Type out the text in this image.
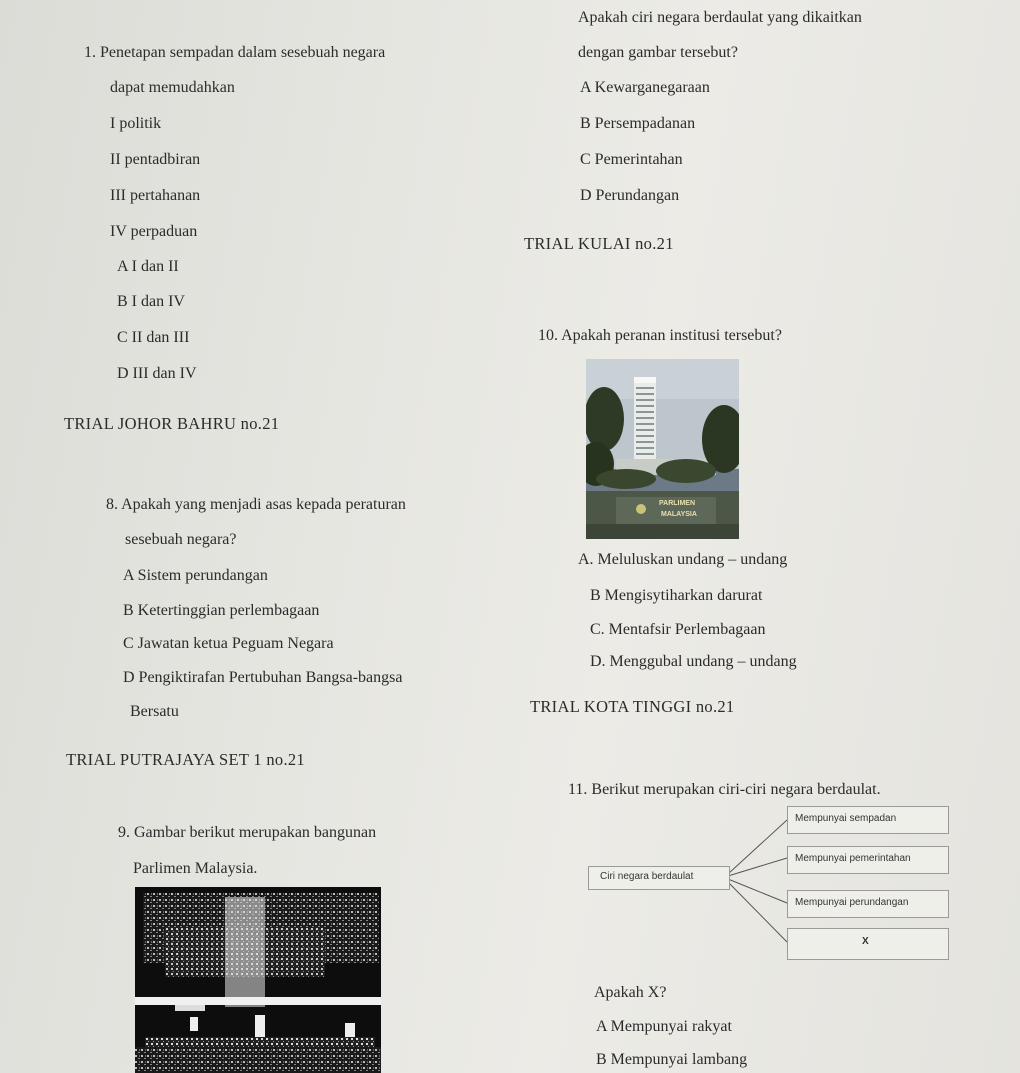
Apakah ciri negara berdaulat yang dikaitkan
dengan gambar tersebut?
A Kewarganegaraan
B Persempadanan
C Pemerintahan
D Perundangan
TRIAL KULAI no.21
1. Penetapan sempadan dalam sesebuah negara
dapat memudahkan
I politik
II pentadbiran
III pertahanan
IV perpaduan
A I dan II
B I dan IV
C II dan III
D III dan IV
TRIAL JOHOR BAHRU no.21
8. Apakah yang menjadi asas kepada peraturan
sesebuah negara?
A Sistem perundangan
B Ketertinggian perlembagaan
C Jawatan ketua Peguam Negara
D Pengiktirafan Pertubuhan Bangsa-bangsa
Bersatu
TRIAL PUTRAJAYA SET 1 no.21
9. Gambar berikut merupakan bangunan
Parlimen Malaysia.
10. Apakah peranan institusi tersebut?
PARLIMEN
MALAYSIA
A. Meluluskan undang – undang
B Mengisytiharkan darurat
C. Mentafsir Perlembagaan
D. Menggubal undang – undang
TRIAL KOTA TINGGI no.21
11. Berikut merupakan ciri-ciri negara berdaulat.
Ciri negara berdaulat
Mempunyai sempadan
Mempunyai pemerintahan
Mempunyai perundangan
X
Apakah X?
A Mempunyai rakyat
B Mempunyai lambang
